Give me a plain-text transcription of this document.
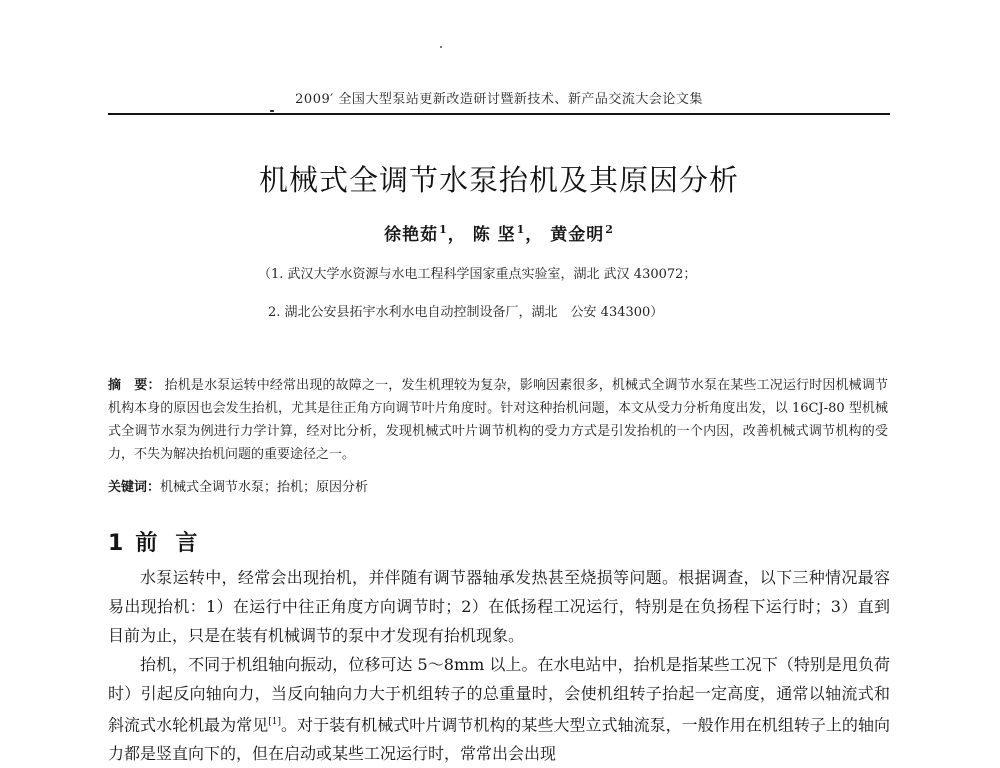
2009′ 全国大型泵站更新改造研讨暨新技术、新产品交流大会论文集
机械式全调节水泵抬机及其原因分析
徐艳茹$^1$， 陈 坚$^1$， 黄金明$^2$
（1. 武汉大学水资源与水电工程科学国家重点实验室，湖北 武汉 430072；
2. 湖北公安县拓宇水利水电自动控制设备厂，湖北　公安 434300）
摘　要： 抬机是水泵运转中经常出现的故障之一，发生机理较为复杂，影响因素很多，机械式全调节水泵在某些工况运行时因机械调节机构本身的原因也会发生抬机，尤其是往正角方向调节叶片角度时。针对这种抬机问题，本文从受力分析角度出发，以 16CJ-80 型机械式全调节水泵为例进行力学计算，经对比分析，发现机械式叶片调节机构的受力方式是引发抬机的一个内因，改善机械式调节机构的受力，不失为解决抬机问题的重要途径之一。
关键词：机械式全调节水泵；抬机；原因分析
1 前言

水泵运转中，经常会出现抬机，并伴随有调节器轴承发热甚至烧损等问题。根据调查，以下三种情况最容易出现抬机：1）在运行中往正角度方向调节时；2）在低扬程工况运行，特别是在负扬程下运行时；3）直到目前为止，只是在装有机械调节的泵中才发现有抬机现象。

抬机，不同于机组轴向振动，位移可达 5～8mm 以上。在水电站中，抬机是指某些工况下（特别是甩负荷时）引起反向轴向力，当反向轴向力大于机组转子的总重量时，会使机组转子抬起一定高度，通常以轴流式和斜流式水轮机最为常见[1]。对于装有机械式叶片调节机构的某些大型立式轴流泵，一般作用在机组转子上的轴向力都是竖直向下的，但在启动或某些工况运行时，常常出会出现
